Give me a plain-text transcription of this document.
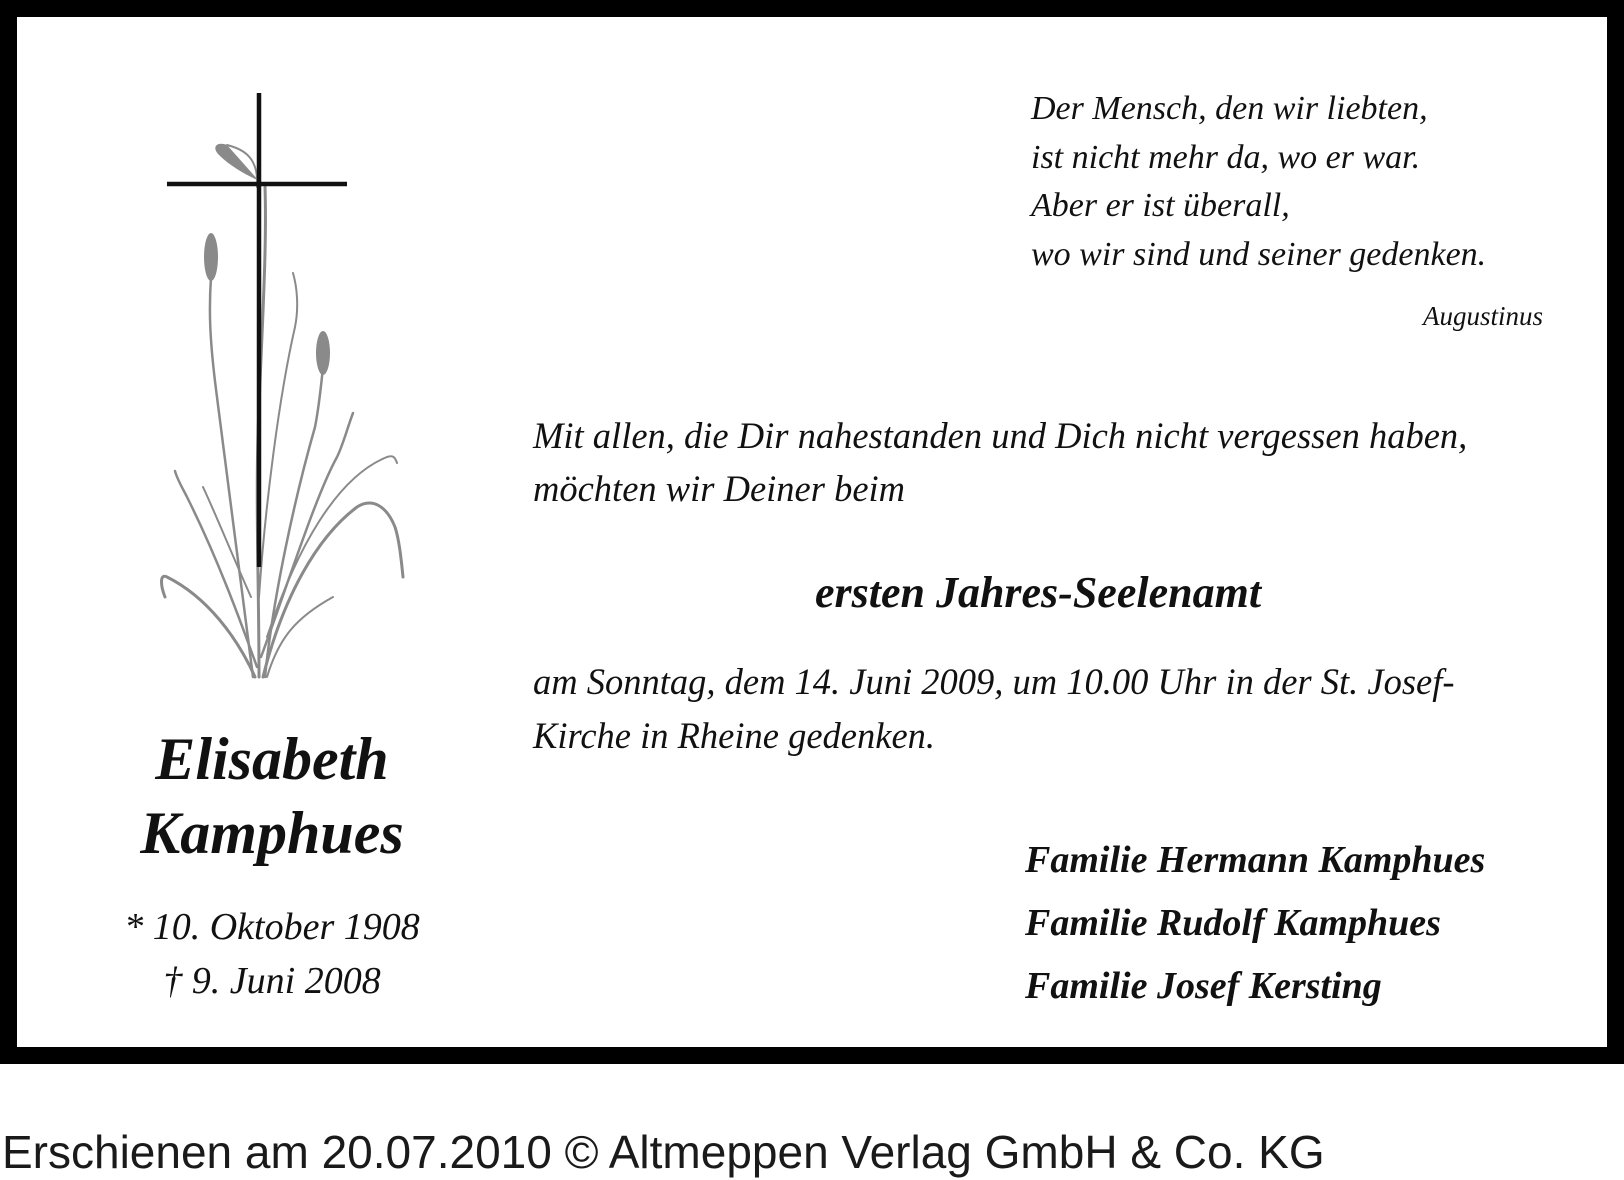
Elisabeth
Kamphues
* 10. Oktober 1908
† 9. Juni 2008
Der Mensch, den wir liebten,
ist nicht mehr da, wo er war.
Aber er ist überall,
wo wir sind und seiner gedenken.
Augustinus
Mit allen, die Dir nahestanden und Dich nicht vergessen haben,
möchten wir Deiner beim
ersten Jahres-Seelenamt
am Sonntag, dem 14. Juni 2009, um 10.00 Uhr in der St. Josef-
Kirche in Rheine gedenken.
Familie Hermann Kamphues
Familie Rudolf Kamphues
Familie Josef Kersting
Erschienen am 20.07.2010 © Altmeppen Verlag GmbH & Co. KG
